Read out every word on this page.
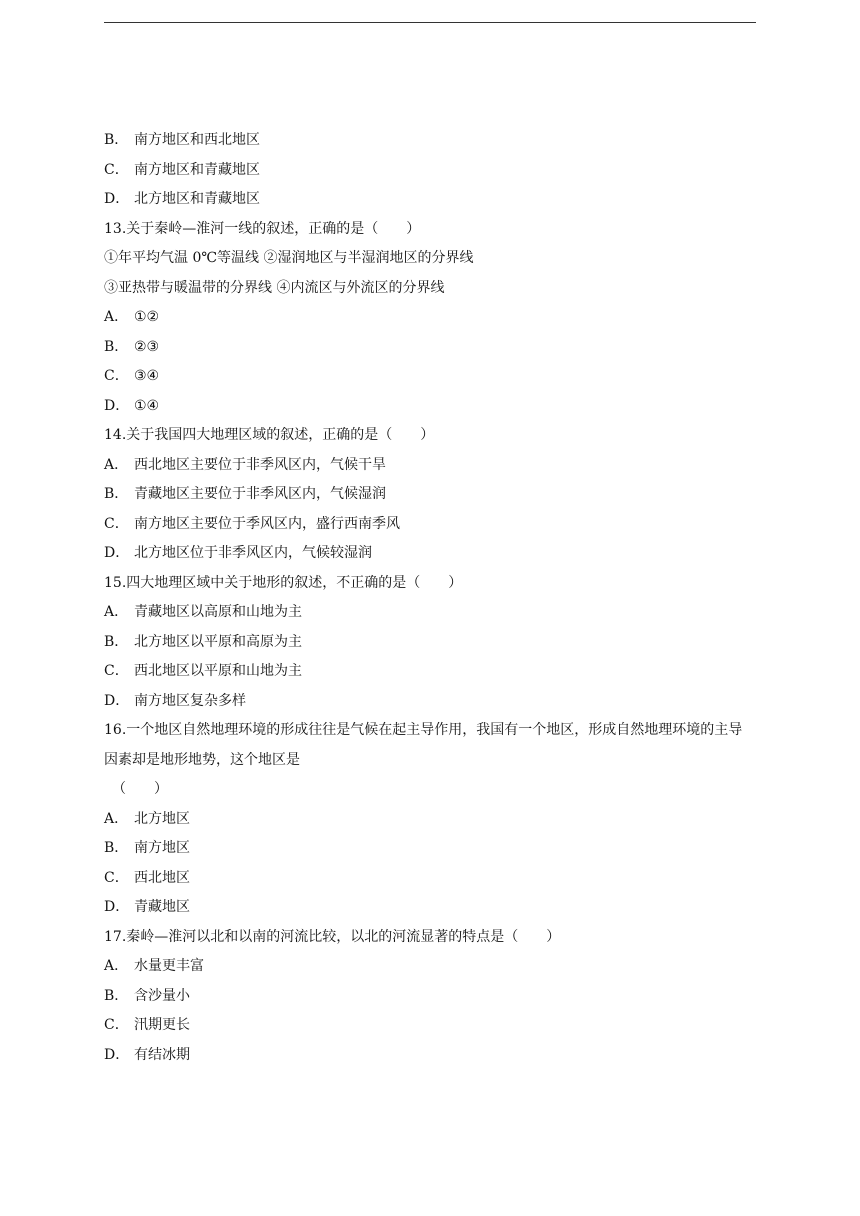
B． 南方地区和西北地区
C． 南方地区和青藏地区
D． 北方地区和青藏地区
13.关于秦岭—淮河一线的叙述，正确的是（　　）
①年平均气温 0℃等温线 ②湿润地区与半湿润地区的分界线
③亚热带与暖温带的分界线 ④内流区与外流区的分界线
A． ①②
B． ②③
C． ③④
D． ①④
14.关于我国四大地理区域的叙述，正确的是（　　）
A． 西北地区主要位于非季风区内，气候干旱
B． 青藏地区主要位于非季风区内，气候湿润
C． 南方地区主要位于季风区内，盛行西南季风
D． 北方地区位于非季风区内，气候较湿润
15.四大地理区域中关于地形的叙述，不正确的是（　　）
A． 青藏地区以高原和山地为主
B． 北方地区以平原和高原为主
C． 西北地区以平原和山地为主
D． 南方地区复杂多样
16.一个地区自然地理环境的形成往往是气候在起主导作用，我国有一个地区，形成自然地理环境的主导因素却是地形地势，这个地区是
（　　）
A． 北方地区
B． 南方地区
C． 西北地区
D． 青藏地区
17.秦岭—淮河以北和以南的河流比较，以北的河流显著的特点是（　　）
A． 水量更丰富
B． 含沙量小
C． 汛期更长
D． 有结冰期
